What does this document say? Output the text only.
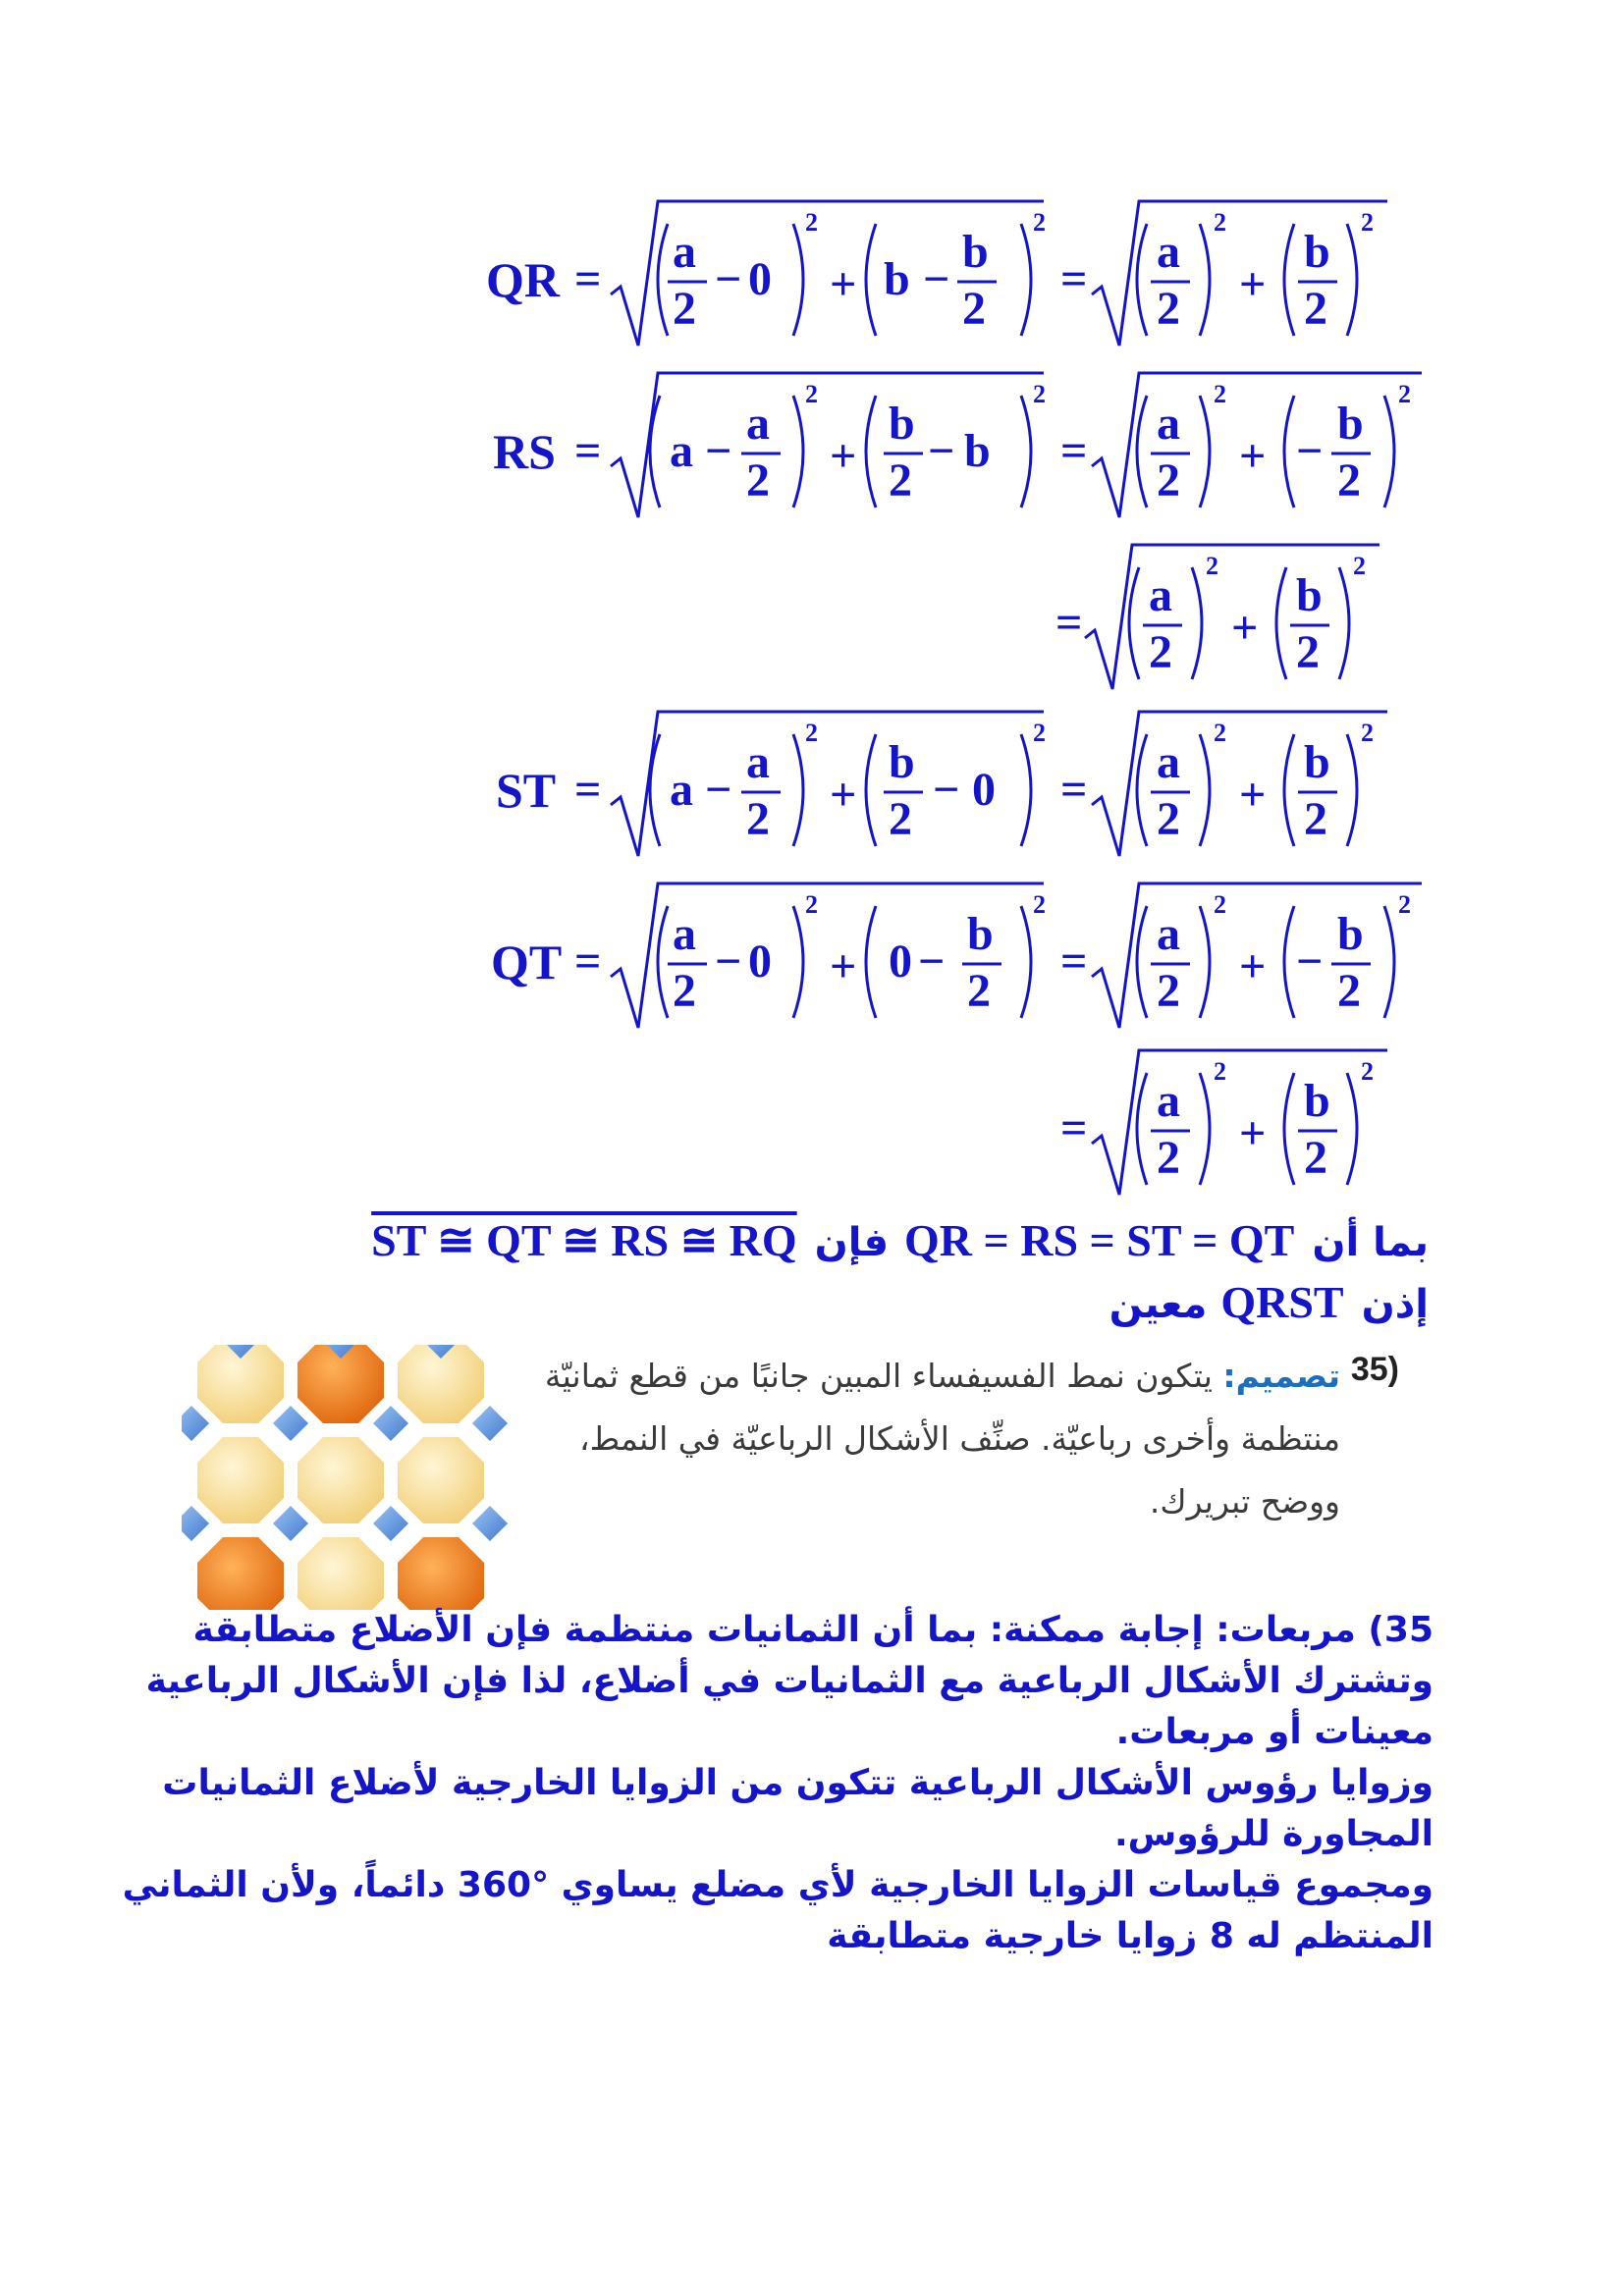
QR =
a
2
− 0
2
+ b −
b
2
2
=
a
2
2
+
b
2
2
RS = a −
a
2
2
+
b
2
− b
2
=
a
2
2
+ −
b
2
2
=
a
2
2
+
b
2
2
ST = a −
a
2
2
+
b
2
− 0
2
=
a
2
2
+
b
2
2
QT =
a
2
− 0
2
+ 0 −
b
2
2
=
a
2
2
+ −
b
2
2
=
a
2
2
+
b
2
2
بما أن QR = RS = ST = QT فإن ST ≅ QT ≅ RS ≅ RQ
إذن QRST معين
تصميم: يتكون نمط الفسيفساء المبين جانبًا من قطع ثمانيّة	35)
منتظمة وأخرى رباعيّة. صنِّف الأشكال الرباعيّة في النمط،
ووضح تبريرك.
35) مربعات: إجابة ممكنة: بما أن الثمانيات منتظمة فإن الأضلاع متطابقة
وتشترك الأشكال الرباعية مع الثمانيات في أضلاع، لذا فإن الأشكال الرباعية
معينات أو مربعات.
وزوايا رؤوس الأشكال الرباعية تتكون من الزوايا الخارجية لأضلاع الثمانيات
المجاورة للرؤوس.
ومجموع قياسات الزوايا الخارجية لأي مضلع يساوي °360 دائماً، ولأن الثماني
المنتظم له 8 زوايا خارجية متطابقة
